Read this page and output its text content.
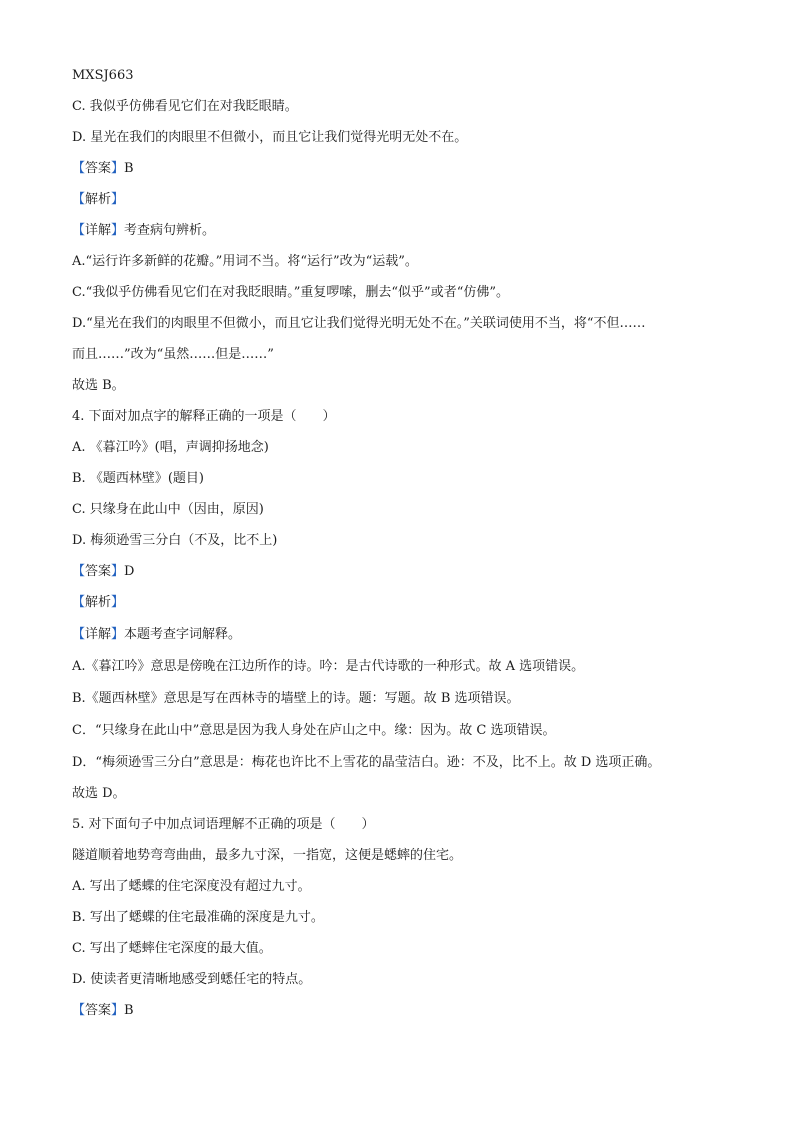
MXSJ663
C. 我似乎仿佛看见它们在对我眨眼睛。
D. 星光在我们的肉眼里不但微小，而且它让我们觉得光明无处不在。
【答案】B
【解析】
【详解】考查病句辨析。
A.“运行许多新鲜的花瓣。”用词不当。将“运行”改为“运载”。
C.“我似乎仿佛看见它们在对我眨眼睛。”重复啰嗦，删去“似乎”或者“仿佛”。
D.“星光在我们的肉眼里不但微小，而且它让我们觉得光明无处不在。”关联词使用不当，将“不但……
而且……”改为“虽然……但是……”
故选 B。
4. 下面对加点字的解释正确的一项是（　　）
A. 《暮江吟》(唱，声调抑扬地念)
B. 《题西林壁》(题目)
C. 只缘身在此山中（因由，原因)
D. 梅须逊雪三分白（不及，比不上)
【答案】D
【解析】
【详解】本题考查字词解释。
A.《暮江吟》意思是傍晚在江边所作的诗。吟：是古代诗歌的一种形式。故 A 选项错误。
B.《题西林壁》意思是写在西林寺的墙壁上的诗。题：写题。故 B 选项错误。
C．“只缘身在此山中”意思是因为我人身处在庐山之中。缘：因为。故 C 选项错误。
D．“梅须逊雪三分白”意思是：梅花也许比不上雪花的晶莹洁白。逊：不及，比不上。故 D 选项正确。
故选 D。
5. 对下面句子中加点词语理解不正确的项是（　　）
隧道顺着地势弯弯曲曲，最多九寸深，一指宽，这便是蟋蟀的住宅。
A. 写出了蟋蝶的住宅深度没有超过九寸。
B. 写出了蟋蝶的住宅最准确的深度是九寸。
C. 写出了蟋蟀住宅深度的最大值。
D. 使读者更清晰地感受到蟋任宅的特点。
【答案】B
